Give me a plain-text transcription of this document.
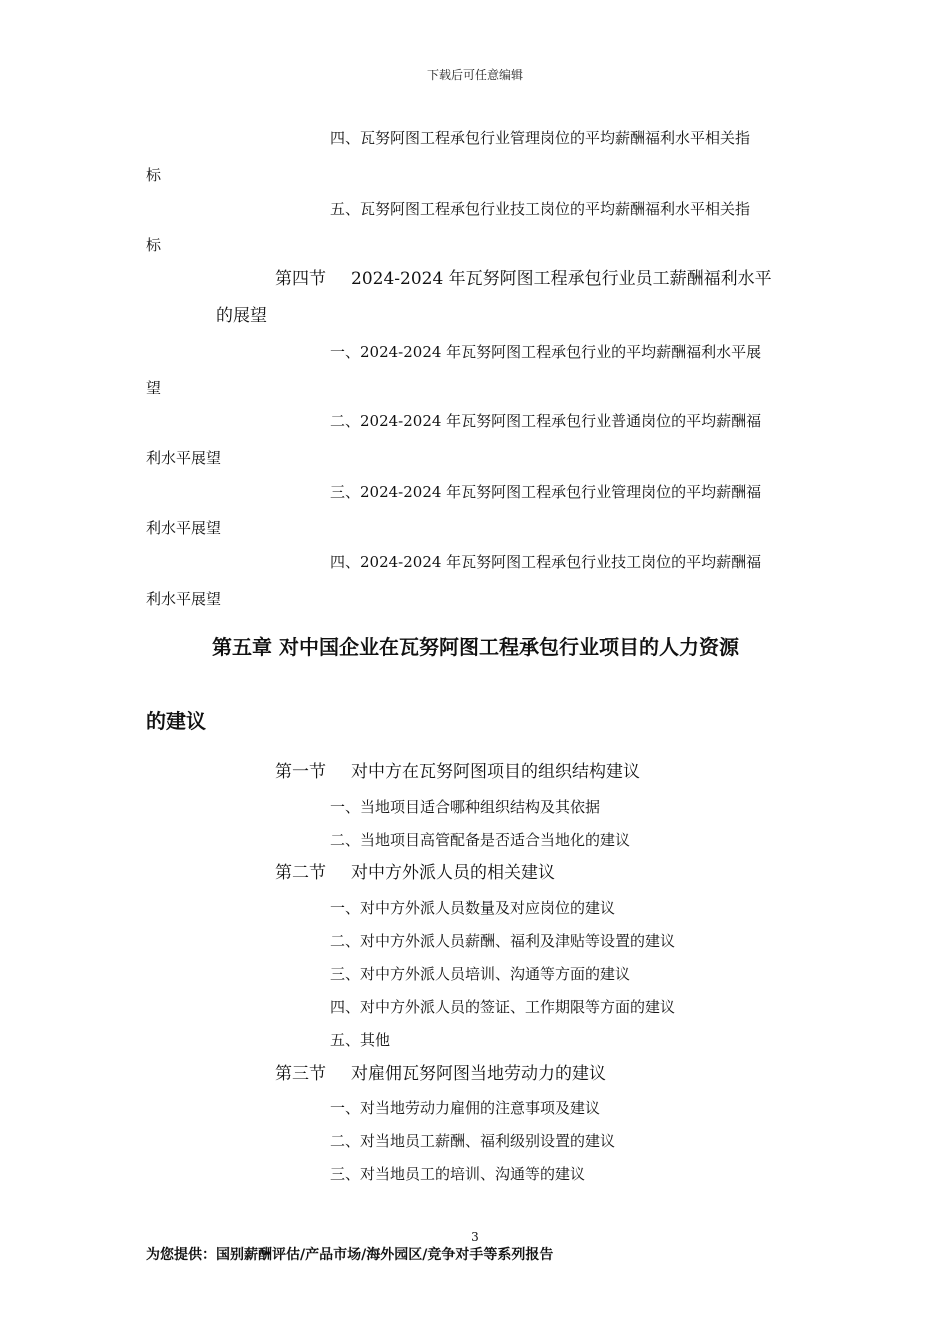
下载后可任意编辑
四、瓦努阿图工程承包行业管理岗位的平均薪酬福利水平相关指
标
五、瓦努阿图工程承包行业技工岗位的平均薪酬福利水平相关指
标
第四节 2024-2024 年瓦努阿图工程承包行业员工薪酬福利水平
的展望
一、2024-2024 年瓦努阿图工程承包行业的平均薪酬福利水平展
望
二、2024-2024 年瓦努阿图工程承包行业普通岗位的平均薪酬福
利水平展望
三、2024-2024 年瓦努阿图工程承包行业管理岗位的平均薪酬福
利水平展望
四、2024-2024 年瓦努阿图工程承包行业技工岗位的平均薪酬福
利水平展望
第五章 对中国企业在瓦努阿图工程承包行业项目的人力资源
的建议
第一节 对中方在瓦努阿图项目的组织结构建议
一、当地项目适合哪种组织结构及其依据
二、当地项目高管配备是否适合当地化的建议
第二节 对中方外派人员的相关建议
一、对中方外派人员数量及对应岗位的建议
二、对中方外派人员薪酬、福利及津贴等设置的建议
三、对中方外派人员培训、沟通等方面的建议
四、对中方外派人员的签证、工作期限等方面的建议
五、其他
第三节 对雇佣瓦努阿图当地劳动力的建议
一、对当地劳动力雇佣的注意事项及建议
二、对当地员工薪酬、福利级别设置的建议
三、对当地员工的培训、沟通等的建议
3
为您提供：国别薪酬评估/产品市场/海外园区/竞争对手等系列报告
